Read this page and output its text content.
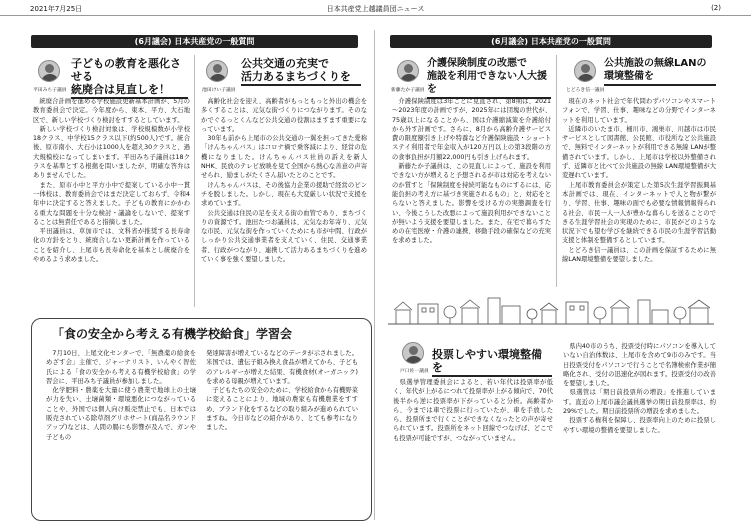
2021年7月25日	日本共産党上越議員団ニュース	(2)
(6月議会) 日本共産党の一般質問	(6月議会) 日本共産党の一般質問
平田みち子議員
子どもの教育を悪化させる
統廃合は見直しを！
　統廃合計画を進める学校施設更新基本計画が、5月の教育委員会で決定。今年度から、東本、平方、大石地区で、新しい学校づくり検討をすするとしています。
　新しい学校づくり検討対象は、学校規模数が小学校18クラス、中学校15クラス以下(約500人)です。統合後、原市南小、大石小は1000人を超え30クラスと、過大規模校になってしまいます。平田みち子議員は18クラスを基準とする根拠を問いましたが、明確な答弁はありませんでした。
　また、原市小中と平方小中で提案している小中一貫一体校は、教育委員会ではまだ決定しておらず、令和4年中に決定すると答えました。子どもの教育にかかわる重大な問題を十分な検討・議論をしないで、提案することは無責任であると指摘しました。
　平田議員は、草加市では、文科省が推奨する長寿命化の方針をとり、統廃合しない更新計画を作っていることを紹介し、上尾市も長寿命化を基本とし統廃合をやめるよう求めました。
池田けい子議員
公共交通の充実で
活力あるまちづくりを
　高齢化社会を迎え、高齢者がもっともっと外出の機会を多くすることは、元気な街づくりにつながります。そのなかでぐるっとくんなど公共交通の役割はますます重要になっています。
　30年も前から上尾市の公共交通の一翼を担ってきた愛称「けんちゃんバス」はコロナ禍で乗客減により、経営の危機になりました。けんちゃんバス社員の訴えを新人 NHK、民放のテレビ放映を見て全国から熱心な善意の声寄せられ、励ましがたくさん届いたとのことです。
　けんちゃんバスは、その後協力企業の援助で経営のピンチを脱しました。しかし、現在も大変厳しい状況で支援を求めています。
　公共交通は住民の足を支える街の血管であり、まちづくりの資源です。池田たつお議員は、元気なお年寄り、元気な市民、元気な街を作っていくためにも市が中間、行政がしっかり公共交通事業者を支えていく、住民、交通事業者、行政がつながり、連携して活力あるまちづくりを進めていく事を強く要望しました。
新藤たか子議員
介護保険制度の改悪で
施設を利用できない人大援を
　介護保険制度は3年ごとに見直され、第8期は、2021～2023年度の計画ですが、2025年には団塊の世代が、75歳以上になることから、国は介護縮減策を介護給付から外す計画です。さらに、8月から高齢介護サービス費の限度額引き上げや特養など介護保険施設・ショートステイ利用者で年金収入が120万円以上の第3段階の方の食事負担が月額22,000円も引き上げられます。
　新藤たか子議員は、この見直しによって、施設を利用できない方が増えると予想されるが市は対応を考えないのか質すと「保険制度を持続可能なものにするには、応能負担の考え方に基づき実施されるもの」と、対応をとらないと答えました。影響を受ける方の実態調査を行い、今後こうした改悪によって施設利用ができないことが無いよう支援を要望しました。また、在宅で暮らすための在宅医療・介護の連携、移動手段の確保などの充実を求めました。
とどろき信一議員
公共施設の無線LANの
環境整備を
　現在のネット社会で年代問わずパソコンやスマートフォンで、学習、仕事、趣味などの分野でインターネットを利用しています。
　近隣市のいたま市、桶川市、鴻巣市、川越市は市民サービスとして図書館、公民館、市役所など公共施設で、無料でインターネットが利用できる無線 LANが整備されています。しかし、上尾市は学校以外整備されず、近隣市と比べて公共施設の無線 LAN環境整備が大変遅れています。
　上尾市教育委員会が策定した第5次生涯学習振興基本計画では、現在、インターネットで人と物が繋がり、学習、仕事、趣味の面でも必要な情報情報得られる社会、市民一人一人が豊かな暮らしを送ることのできる生涯学習社会の実現のために、市民がどのような状況下でも望む学びを継続できる市民の生涯学習活動支援と体制を整備するとしています。
　とどろき信一議員は、この計画を保証するために無線LAN環境整備を要望しました。
戸口佐一議員
投票しやすい環境整備を
　県選挙管理委員会によると、若い年代は投票率が低く、年代が上がるにつれて投票率が上がる傾向で、70代後半から逆に投票率が下がっていると分析。高齢者から、今までは車で投票に行っていたが、車を手放したら、投票所まで行くことができなくなったとの声が寄せられています。投票所をネット回線でつなげば、どこでも投票が可能ですが、つながっていません。
　県内40市のうち、投票受付時にパソコンを導入していない自治体数は、上尾市を含めて9市のみです。当日投票受付をパソコンで行うことで名簿検索作業が簡略化され、受付の迅速化が図れます。投票受付の改善を要望しました。
　県選管は「期日前投票所の増設」を推進しています。直近の上尾市議会議員選挙の期日前投票率は、約29%でした。期日前投票所の増設を求めました。
　投票する権利を保障し、投票率向上のために投票しやすい環境の整備を要望しました。
「食の安全から考える有機学校給食」学習会
　7月10日、上尾文化センターで、「無農薬の給食をめざす会」主催で、ジャーナリスト、いんやく智佐氏による「食の安全から考える有機学校給食」の学習会に、平田みち子議員が参加しました。
　化学肥料・農薬を大量に使う農業で地球上の土壌が力を失い、土壌菌類・環境悪化につながっていることや、外国では個人向け販売禁止でも、日本では販売されている除草剤グリホサート(商品名ラウンドアップ)などは、人間の腸にも影響が及んで、ガンや子どもの
発達障害が増えているなどのデータが示されました。米国では、遺伝子組み換え食品が増えてから、子どものアレルギーが増えた結果、有機食材(オーガニック)を求める母親が増えています。
　子どもたちの安全のために、学校給食から有機野菜に変えることにより、地域の農家も有機農業をすすめ、ブランド化をするなどの取り組みが進められていますね。今日市などの紹介があり、とても参考になりました。
